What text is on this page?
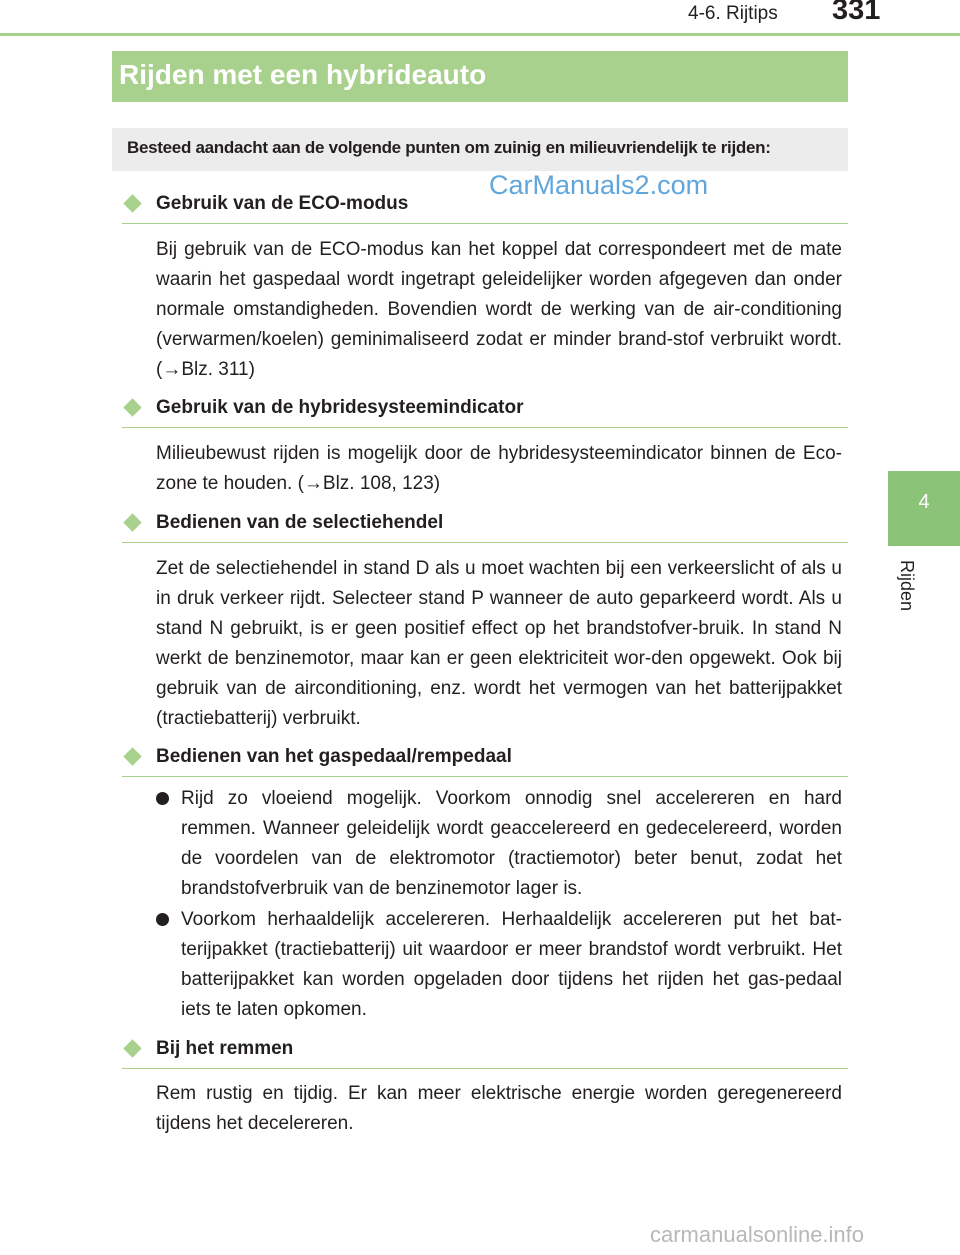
4-6. Rijtips 331
4
Rijden
Rijden met een hybrideauto
Besteed aandacht aan de volgende punten om zuinig en milieuvriendelijk te rijden:
CarManuals2.com
Gebruik van de ECO-modus
Bij gebruik van de ECO-modus kan het koppel dat correspondeert met de mate waarin het gaspedaal wordt ingetrapt geleidelijker worden afgegeven dan onder normale omstandigheden. Bovendien wordt de werking van de air-conditioning (verwarmen/koelen) geminimaliseerd zodat er minder brand-stof verbruikt wordt. (→Blz. 311)
Gebruik van de hybridesysteemindicator
Milieubewust rijden is mogelijk door de hybridesysteemindicator binnen de Eco-zone te houden. (→Blz. 108, 123)
Bedienen van de selectiehendel
Zet de selectiehendel in stand D als u moet wachten bij een verkeerslicht of als u in druk verkeer rijdt. Selecteer stand P wanneer de auto geparkeerd wordt. Als u stand N gebruikt, is er geen positief effect op het brandstofver-bruik. In stand N werkt de benzinemotor, maar kan er geen elektriciteit wor-den opgewekt. Ook bij gebruik van de airconditioning, enz. wordt het vermogen van het batterijpakket (tractiebatterij) verbruikt.
Bedienen van het gaspedaal/rempedaal
Rijd zo vloeiend mogelijk. Voorkom onnodig snel accelereren en hard remmen. Wanneer geleidelijk wordt geaccelereerd en gedecelereerd, worden de voordelen van de elektromotor (tractiemotor) beter benut, zodat het brandstofverbruik van de benzinemotor lager is.
Voorkom herhaaldelijk accelereren. Herhaaldelijk accelereren put het bat-terijpakket (tractiebatterij) uit waardoor er meer brandstof wordt verbruikt. Het batterijpakket kan worden opgeladen door tijdens het rijden het gas-pedaal iets te laten opkomen.
Bij het remmen
Rem rustig en tijdig. Er kan meer elektrische energie worden geregenereerd tijdens het decelereren.
carmanualsonline.info
